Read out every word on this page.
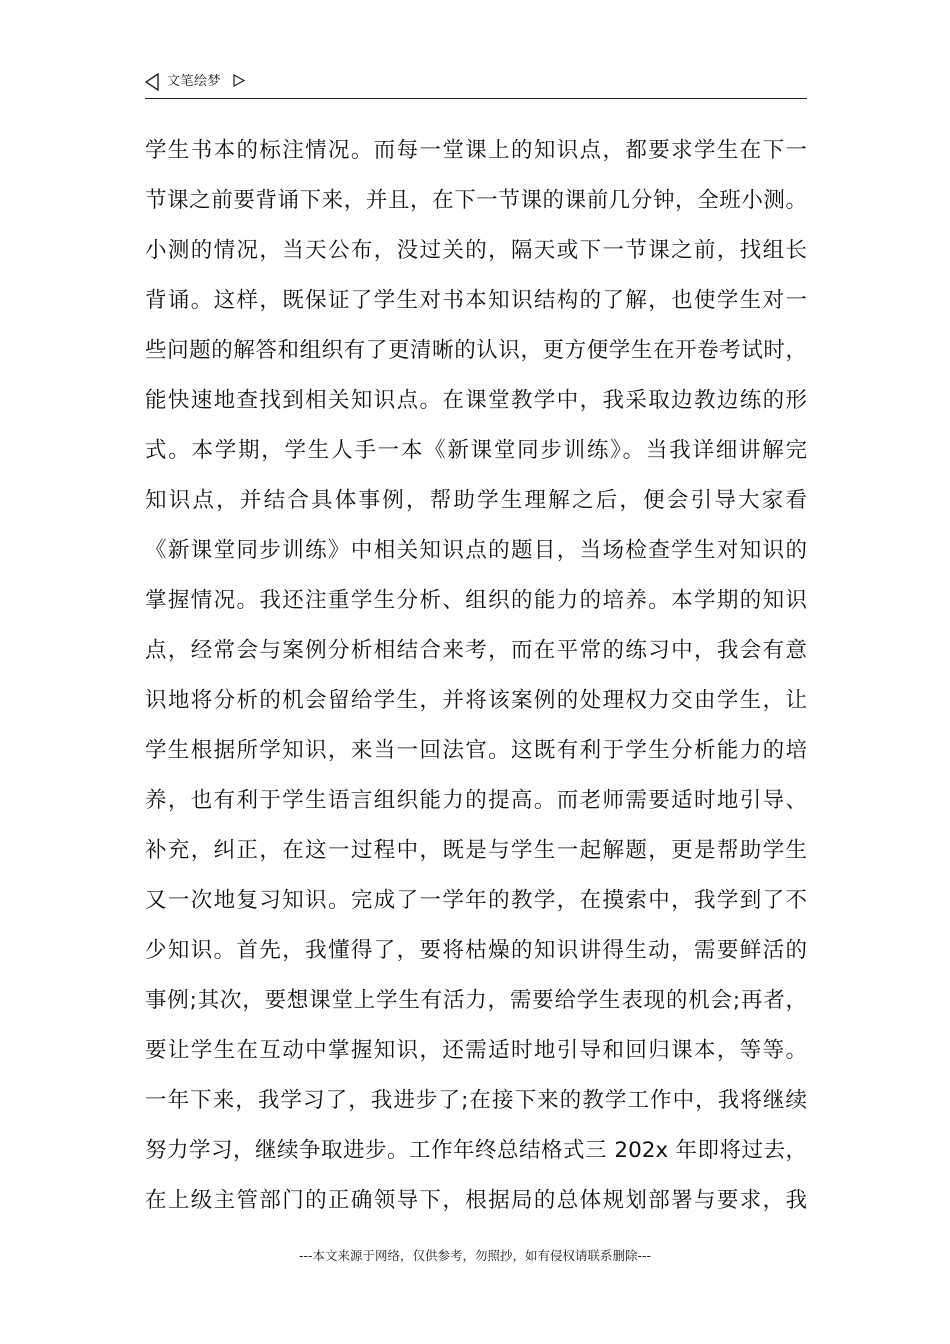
文笔绘梦
学生书本的标注情况。而每一堂课上的知识点，都要求学生在下一
节课之前要背诵下来，并且，在下一节课的课前几分钟，全班小测。
小测的情况，当天公布，没过关的，隔天或下一节课之前，找组长
背诵。这样，既保证了学生对书本知识结构的了解，也使学生对一
些问题的解答和组织有了更清晰的认识，更方便学生在开卷考试时，
能快速地查找到相关知识点。在课堂教学中，我采取边教边练的形
式。本学期，学生人手一本《新课堂同步训练》。当我详细讲解完
知识点，并结合具体事例，帮助学生理解之后，便会引导大家看
《新课堂同步训练》中相关知识点的题目，当场检查学生对知识的
掌握情况。我还注重学生分析、组织的能力的培养。本学期的知识
点，经常会与案例分析相结合来考，而在平常的练习中，我会有意
识地将分析的机会留给学生，并将该案例的处理权力交由学生，让
学生根据所学知识，来当一回法官。这既有利于学生分析能力的培
养，也有利于学生语言组织能力的提高。而老师需要适时地引导、
补充，纠正，在这一过程中，既是与学生一起解题，更是帮助学生
又一次地复习知识。完成了一学年的教学，在摸索中，我学到了不
少知识。首先，我懂得了，要将枯燥的知识讲得生动，需要鲜活的
事例;其次，要想课堂上学生有活力，需要给学生表现的机会;再者，
要让学生在互动中掌握知识，还需适时地引导和回归课本，等等。
一年下来，我学习了，我进步了;在接下来的教学工作中，我将继续
努力学习，继续争取进步。工作年终总结格式三 202x 年即将过去，
在上级主管部门的正确领导下，根据局的总体规划部署与要求，我
---本文来源于网络，仅供参考，勿照抄，如有侵权请联系删除---
